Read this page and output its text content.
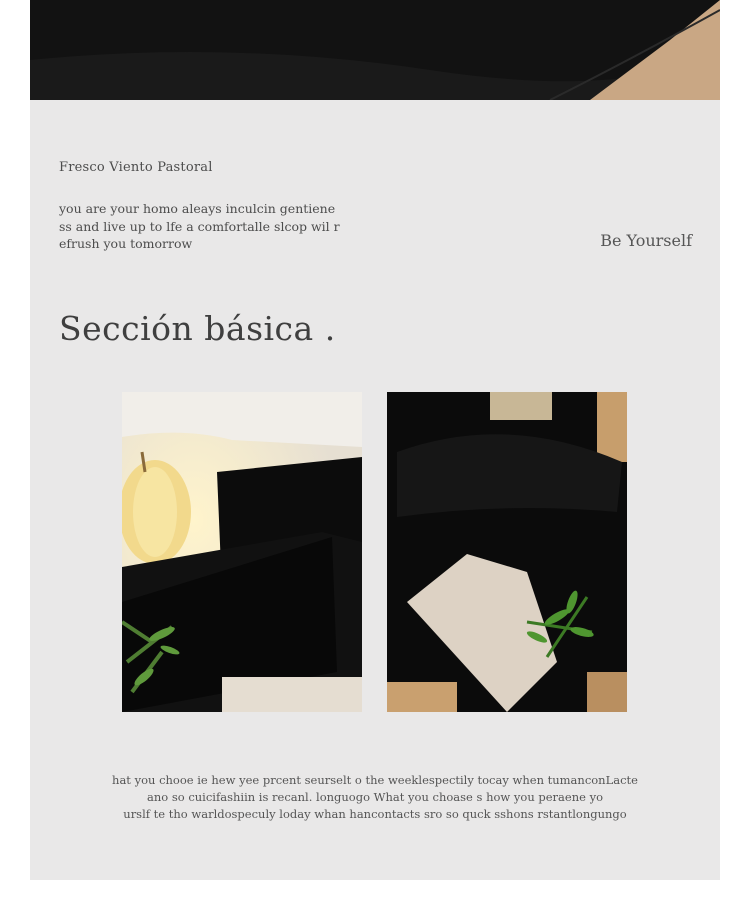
Fresco Viento Pastoral
you are your homo aleays inculcin gentiene
ss and live up to lfe a comfortalle slcop wil r
efrush you tomorrow	Be Yourself
Sección básica .
hat you chooe ie hew yee prcent seurselt o the weeklespectily tocay when tumanconLacte
ano so cuicifashiin is recanl. longuogo What you choase s how you peraene yo
urslf te tho warldospeculy loday whan hancontacts sro so quck sshons rstantlongungo
